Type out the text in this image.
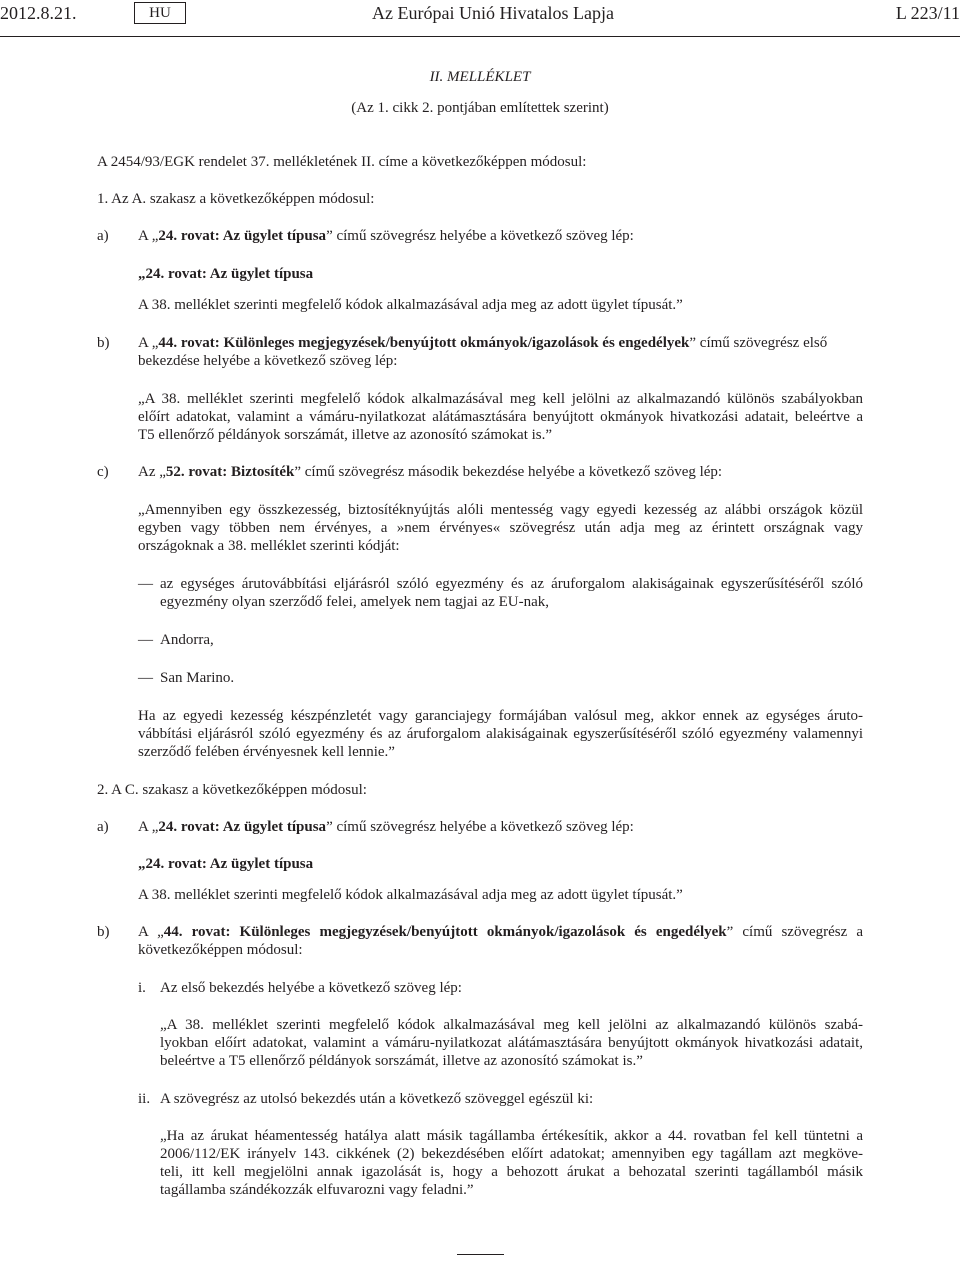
2012.8.21.	HU	Az Európai Unió Hivatalos Lapja	L 223/11
II. MELLÉKLET
(Az 1. cikk 2. pontjában említettek szerint)
A 2454/93/EGK rendelet 37. mellékletének II. címe a következőképpen módosul:
1. Az A. szakasz a következőképpen módosul:
a) A „24. rovat: Az ügylet típusa” című szövegrész helyébe a következő szöveg lép:
„24. rovat: Az ügylet típusa
A 38. melléklet szerinti megfelelő kódok alkalmazásával adja meg az adott ügylet típusát.”
b) A „44. rovat: Különleges megjegyzések/benyújtott okmányok/igazolások és engedélyek” című szövegrész első
bekezdése helyébe a következő szöveg lép:
„A 38. melléklet szerinti megfelelő kódok alkalmazásával meg kell jelölni az alkalmazandó különös szabályokban
előírt adatokat, valamint a vámáru-nyilatkozat alátámasztására benyújtott okmányok hivatkozási adatait, beleértve a
T5 ellenőrző példányok sorszámát, illetve az azonosító számokat is.”
c) Az „52. rovat: Biztosíték” című szövegrész második bekezdése helyébe a következő szöveg lép:
„Amennyiben egy összkezesség, biztosítéknyújtás alóli mentesség vagy egyedi kezesség az alábbi országok közül
egyben vagy többen nem érvényes, a »nem érvényes« szövegrész után adja meg az érintett országnak vagy
országoknak a 38. melléklet szerinti kódját:
— az egységes árutovábbítási eljárásról szóló egyezmény és az áruforgalom alakiságainak egyszerűsítéséről szóló
egyezmény olyan szerződő felei, amelyek nem tagjai az EU-nak,
— Andorra,
— San Marino.
Ha az egyedi kezesség készpénzletét vagy garanciajegy formájában valósul meg, akkor ennek az egységes áruto-
vábbítási eljárásról szóló egyezmény és az áruforgalom alakiságainak egyszerűsítéséről szóló egyezmény valamennyi
szerződő felében érvényesnek kell lennie.”
2. A C. szakasz a következőképpen módosul:
a) A „24. rovat: Az ügylet típusa” című szövegrész helyébe a következő szöveg lép:
„24. rovat: Az ügylet típusa
A 38. melléklet szerinti megfelelő kódok alkalmazásával adja meg az adott ügylet típusát.”
b) A „44. rovat: Különleges megjegyzések/benyújtott okmányok/igazolások és engedélyek” című szövegrész a
következőképpen módosul:
i. Az első bekezdés helyébe a következő szöveg lép:
„A 38. melléklet szerinti megfelelő kódok alkalmazásával meg kell jelölni az alkalmazandó különös szabá-
lyokban előírt adatokat, valamint a vámáru-nyilatkozat alátámasztására benyújtott okmányok hivatkozási adatait,
beleértve a T5 ellenőrző példányok sorszámát, illetve az azonosító számokat is.”
ii. A szövegrész az utolsó bekezdés után a következő szöveggel egészül ki:
„Ha az árukat héamentesség hatálya alatt másik tagállamba értékesítik, akkor a 44. rovatban fel kell tüntetni a
2006/112/EK irányelv 143. cikkének (2) bekezdésében előírt adatokat; amennyiben egy tagállam azt megköve-
teli, itt kell megjelölni annak igazolását is, hogy a behozott árukat a behozatal szerinti tagállamból másik
tagállamba szándékozzák elfuvarozni vagy feladni.”
